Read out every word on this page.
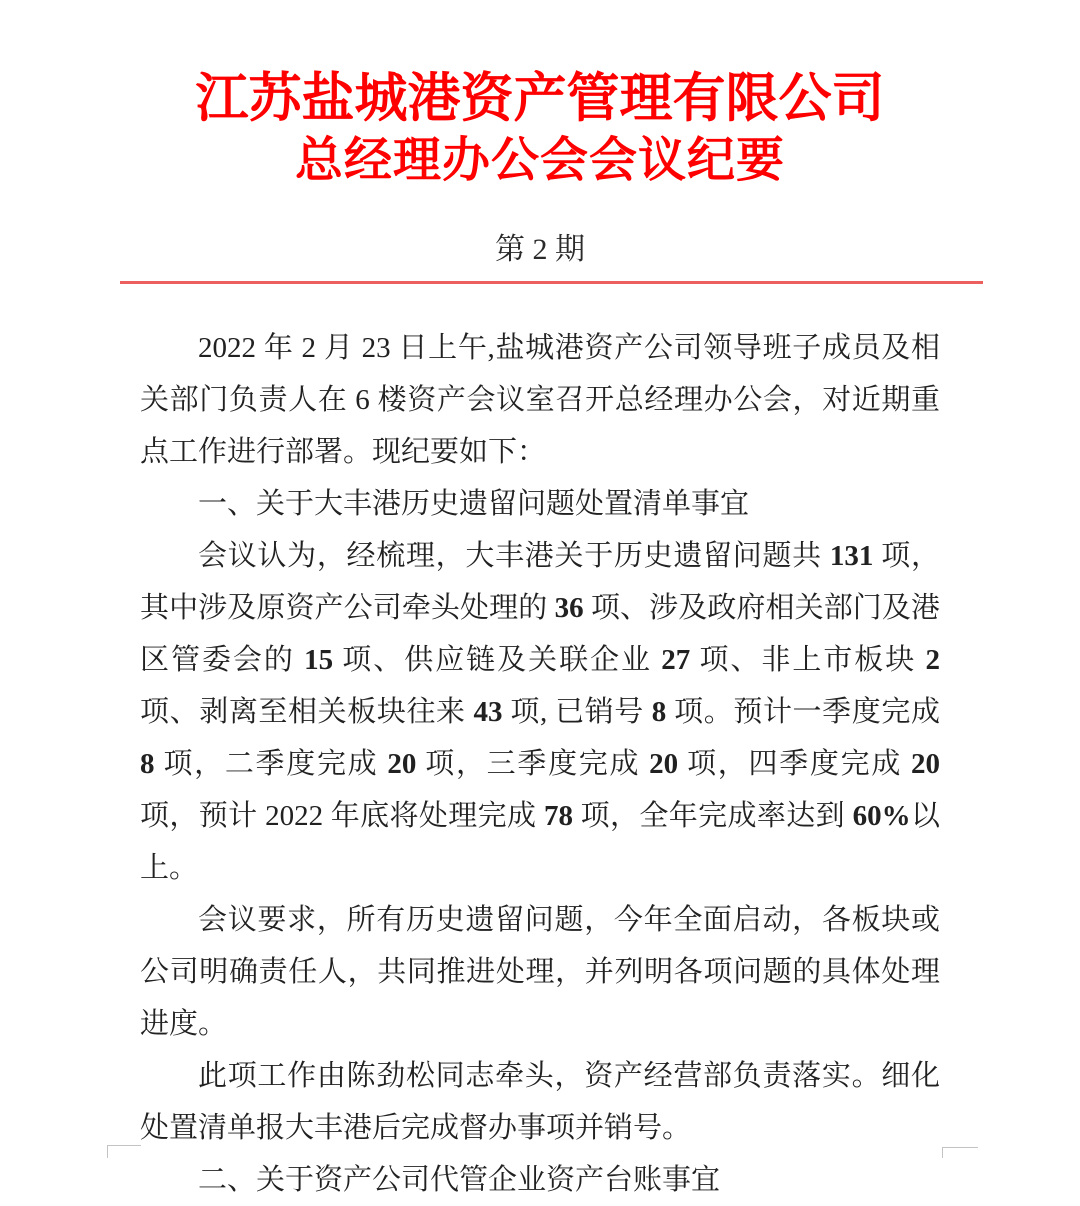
江苏盐城港资产管理有限公司
总经理办公会会议纪要
第 2 期
2022 年 2 月 23 日上午,盐城港资产公司领导班子成员及相关部门负责人在 6 楼资产会议室召开总经理办公会，对近期重点工作进行部署。现纪要如下：
一、关于大丰港历史遗留问题处置清单事宜
会议认为，经梳理，大丰港关于历史遗留问题共 131 项，其中涉及原资产公司牵头处理的 36 项、涉及政府相关部门及港区管委会的 15 项、供应链及关联企业 27 项、非上市板块 2 项、剥离至相关板块往来 43 项, 已销号 8 项。预计一季度完成 8 项，二季度完成 20 项，三季度完成 20 项，四季度完成 20 项，预计 2022 年底将处理完成 78 项，全年完成率达到 60%以上。
会议要求，所有历史遗留问题，今年全面启动，各板块或公司明确责任人，共同推进处理，并列明各项问题的具体处理进度。
此项工作由陈劲松同志牵头，资产经营部负责落实。细化处置清单报大丰港后完成督办事项并销号。
二、关于资产公司代管企业资产台账事宜
